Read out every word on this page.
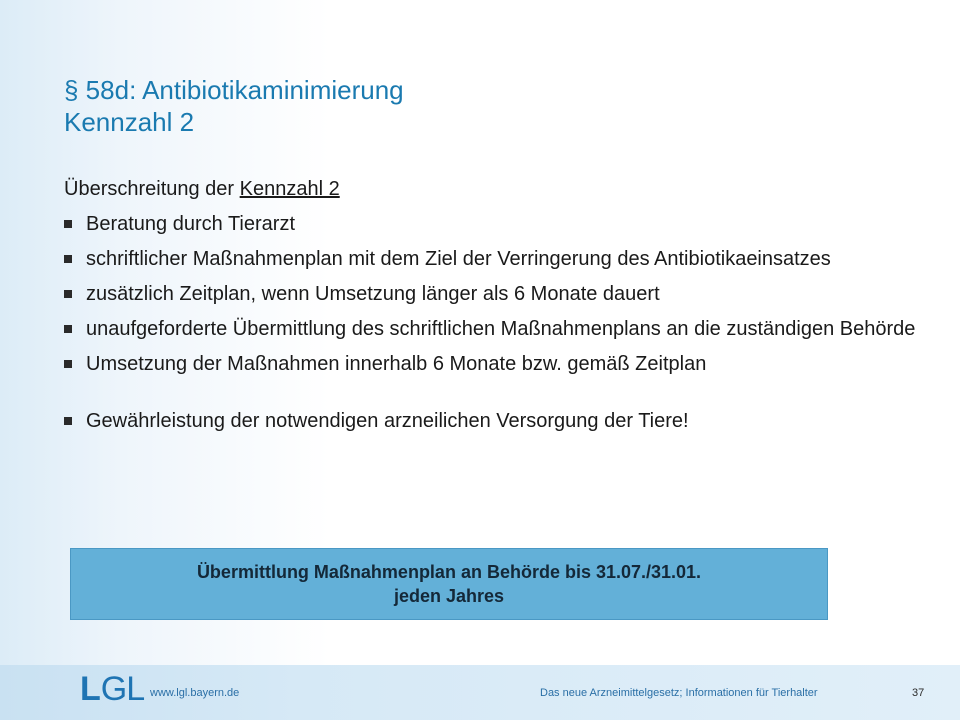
§ 58d: Antibiotikaminimierung
Kennzahl 2
Überschreitung der Kennzahl 2
Beratung durch Tierarzt
schriftlicher Maßnahmenplan mit dem Ziel der Verringerung des Antibiotikaeinsatzes
zusätzlich Zeitplan, wenn Umsetzung länger als 6 Monate dauert
unaufgeforderte Übermittlung des schriftlichen Maßnahmenplans an die zuständigen Behörde
Umsetzung der Maßnahmen innerhalb 6 Monate bzw. gemäß Zeitplan
Gewährleistung der notwendigen arzneilichen Versorgung der Tiere!
Übermittlung Maßnahmenplan an Behörde bis 31.07./31.01.
jeden Jahres
L GL www.lgl.bayern.de	Das neue Arzneimittelgesetz; Informationen für Tierhalter	37
